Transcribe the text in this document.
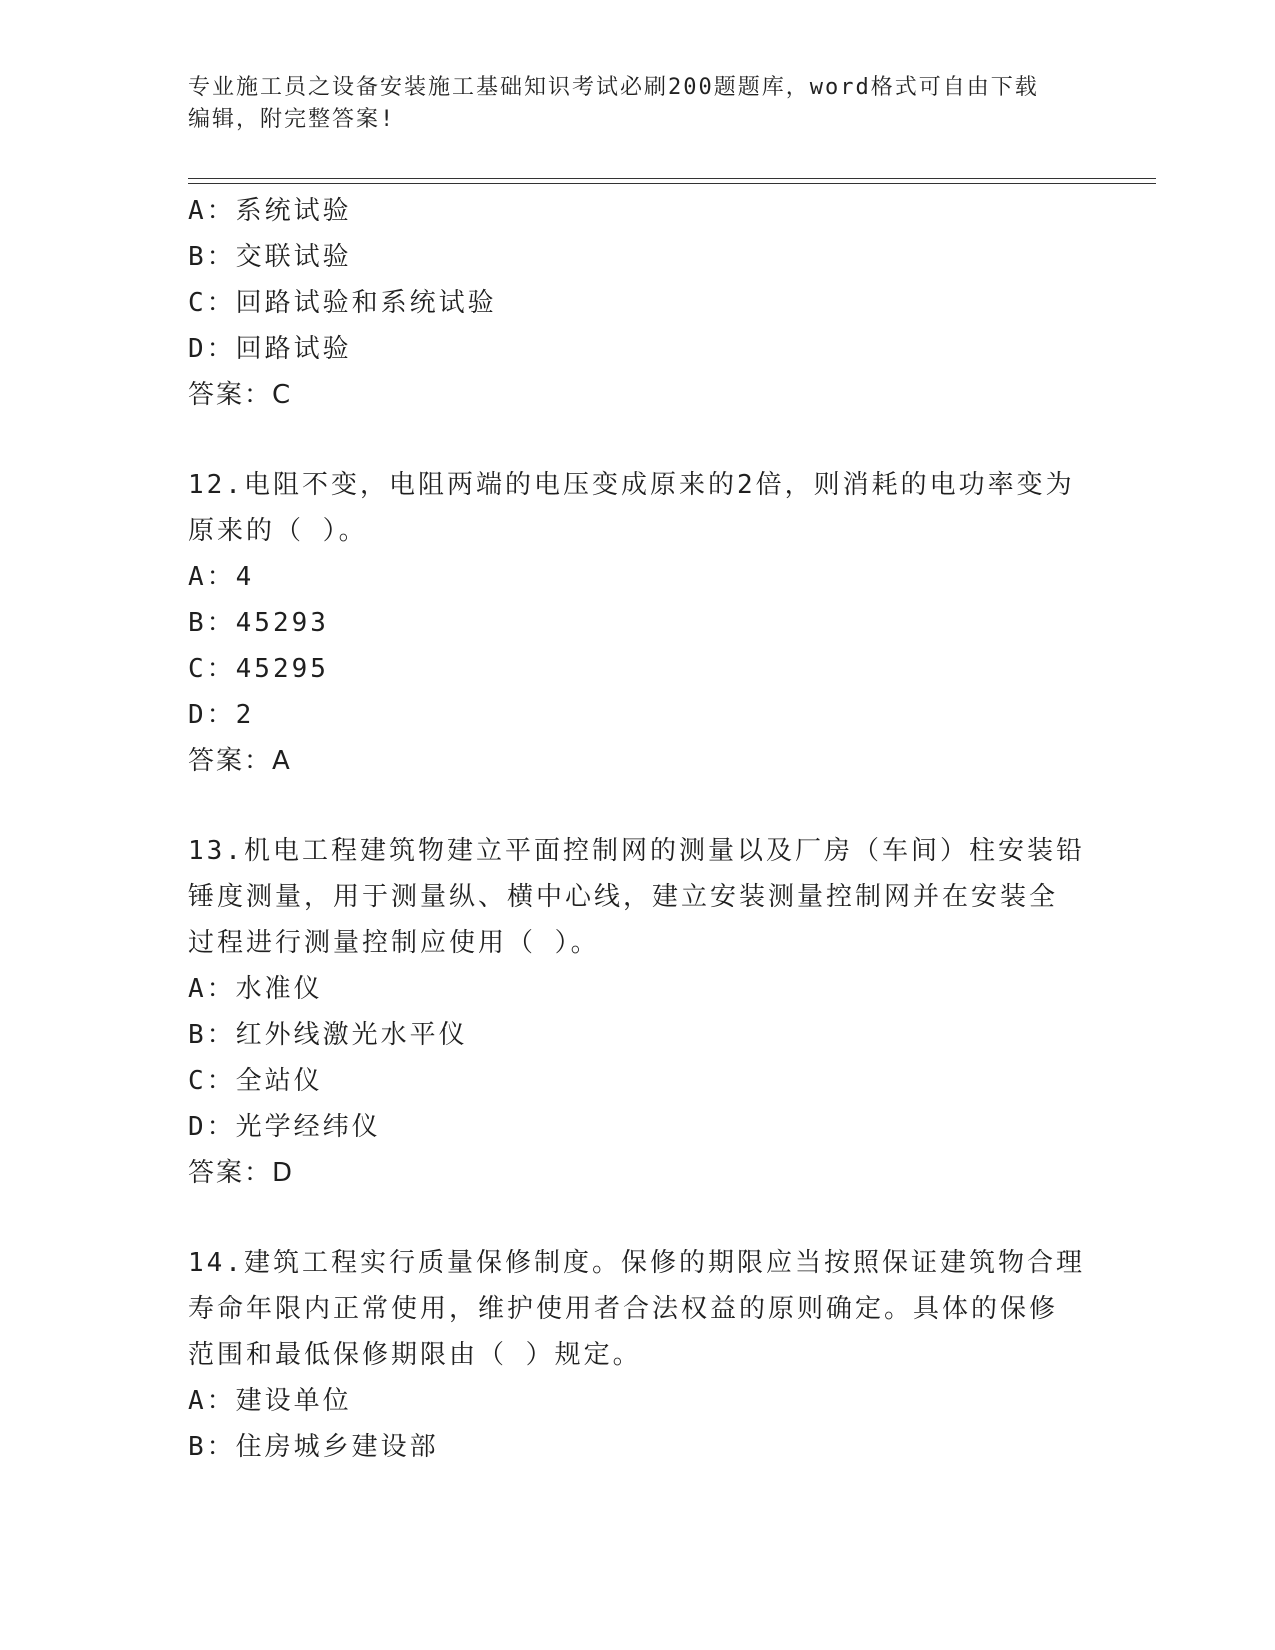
专业施工员之设备安装施工基础知识考试必刷200题题库，word格式可自由下载
编辑，附完整答案!
A：系统试验
B：交联试验
C：回路试验和系统试验
D：回路试验
答案：C
12.电阻不变，电阻两端的电压变成原来的2倍，则消耗的电功率变为
原来的（ ）。
A：4
B：45293
C：45295
D：2
答案：A
13.机电工程建筑物建立平面控制网的测量以及厂房（车间）柱安装铅
锤度测量，用于测量纵、横中心线，建立安装测量控制网并在安装全
过程进行测量控制应使用（ ）。
A：水准仪
B：红外线激光水平仪
C：全站仪
D：光学经纬仪
答案：D
14.建筑工程实行质量保修制度。保修的期限应当按照保证建筑物合理
寿命年限内正常使用，维护使用者合法权益的原则确定。具体的保修
范围和最低保修期限由（ ）规定。
A：建设单位
B：住房城乡建设部
